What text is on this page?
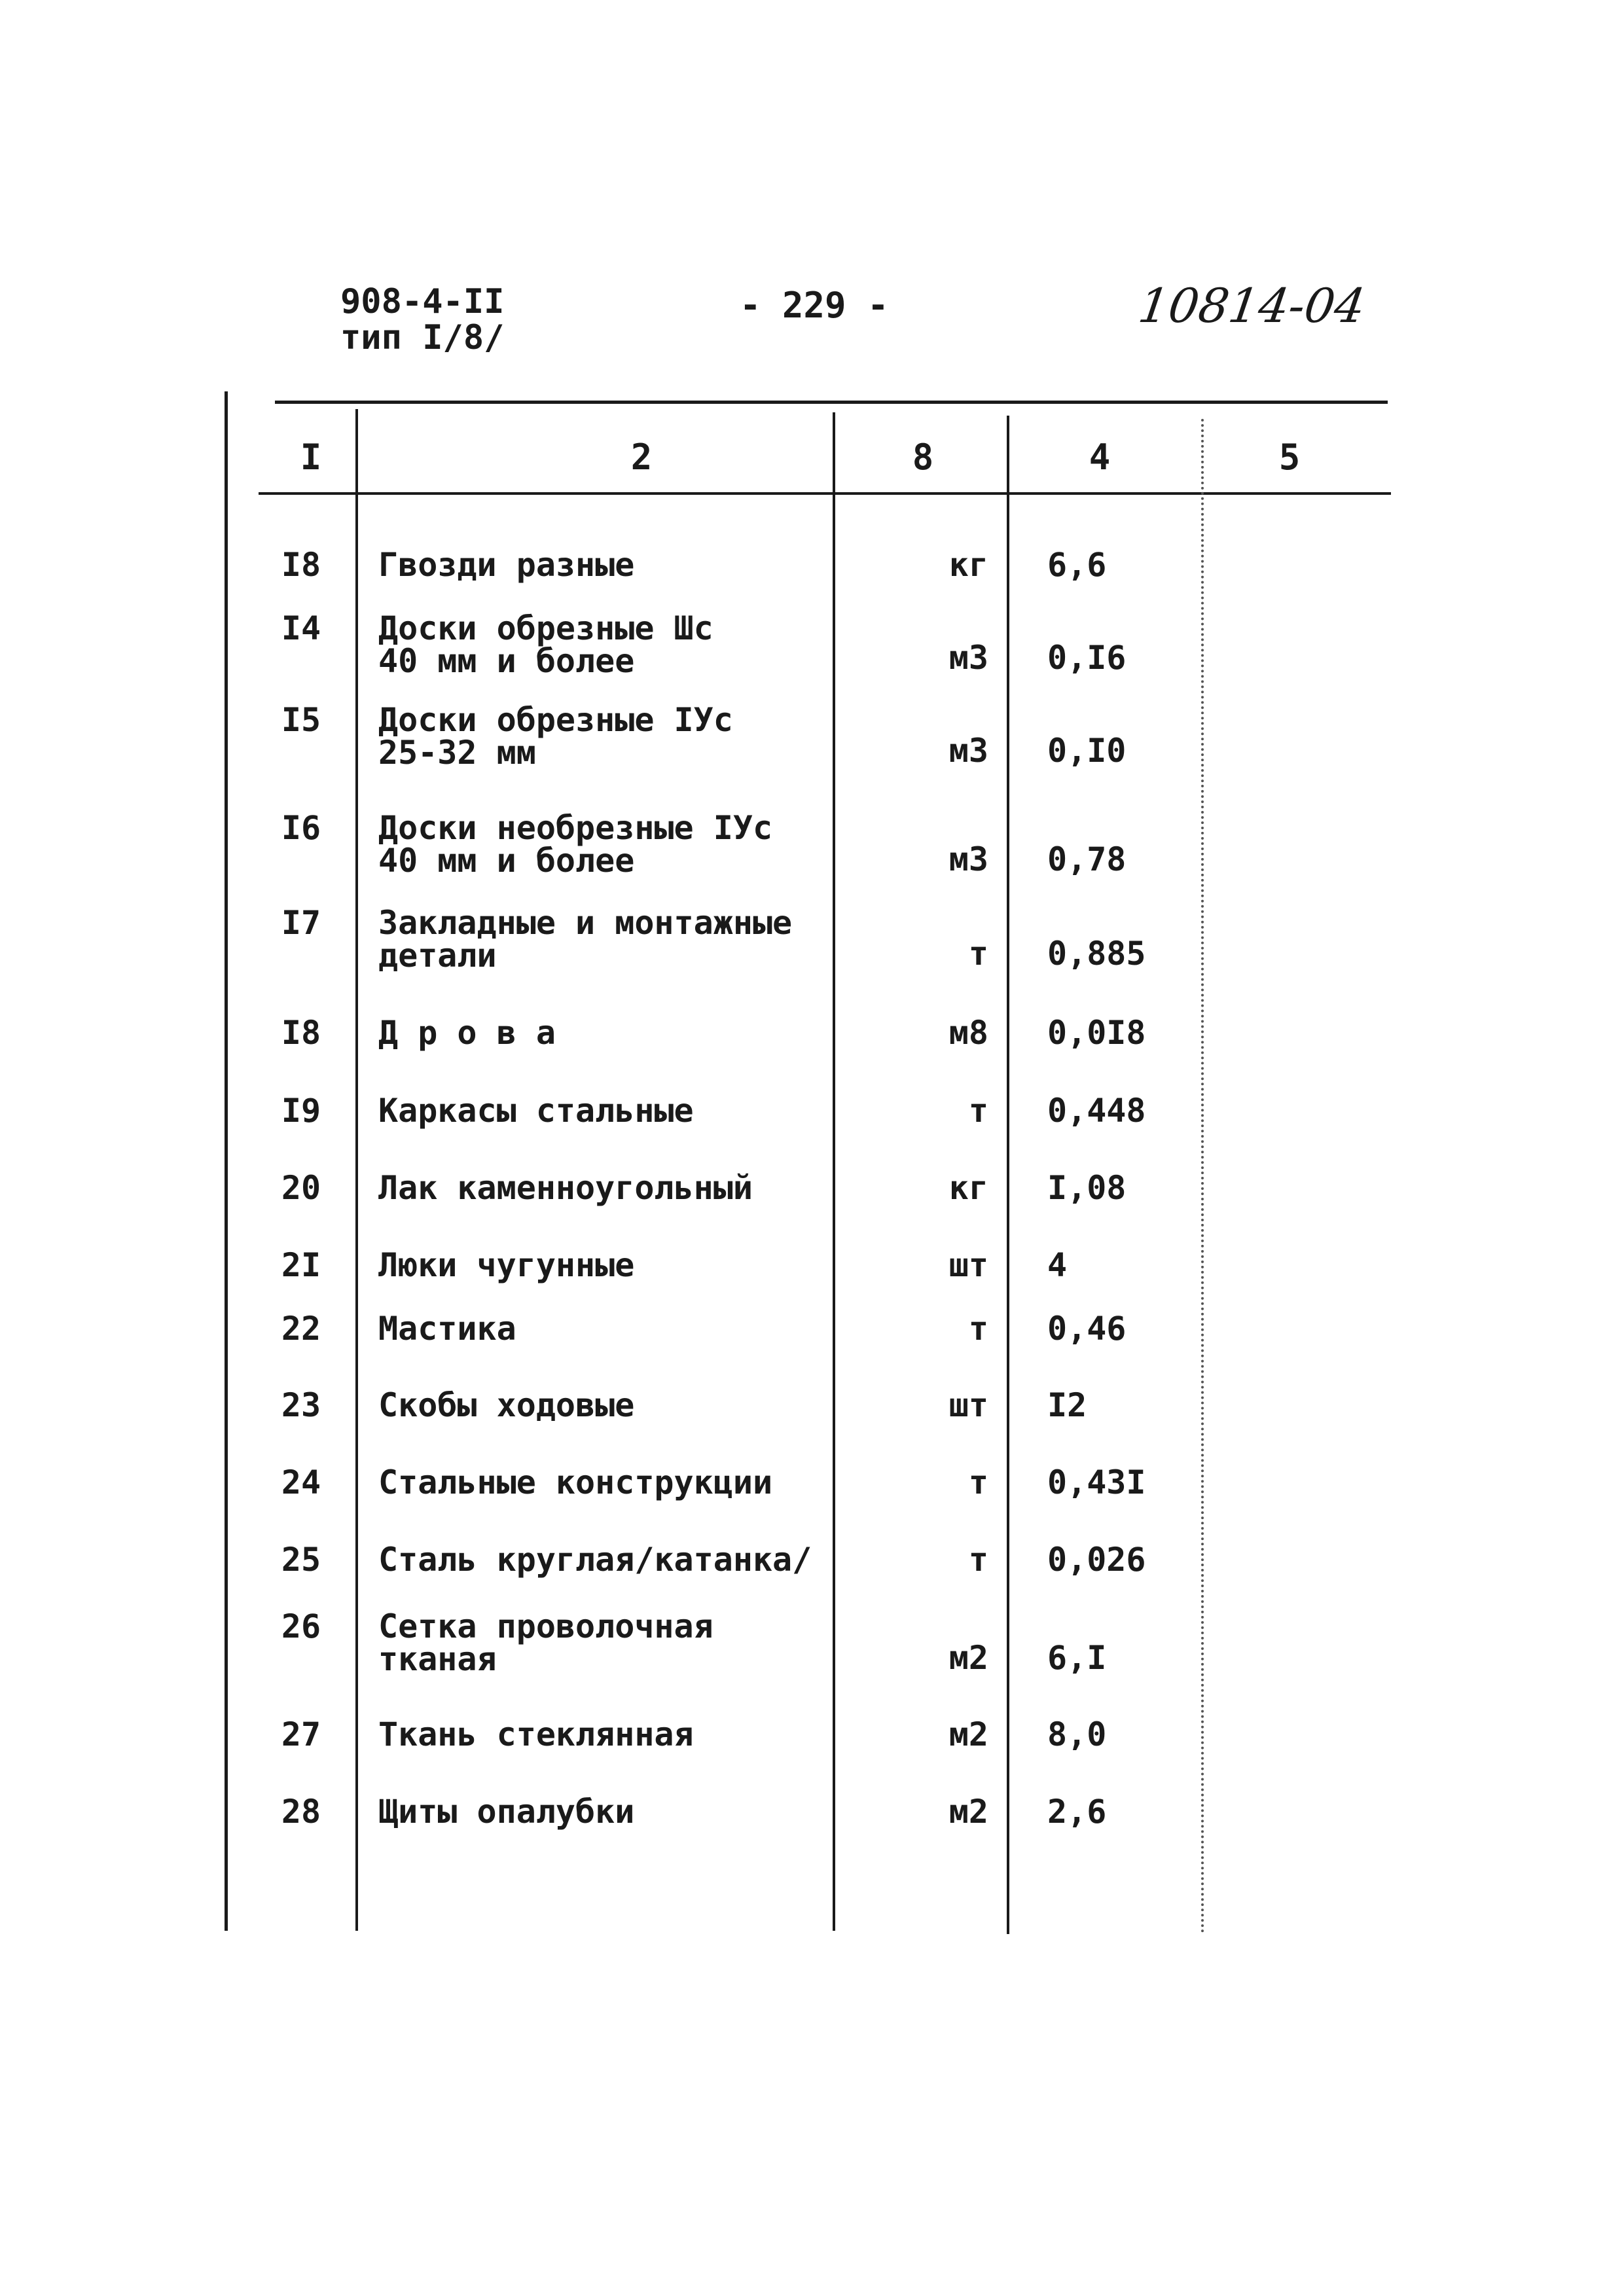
908-4-II
тип I/8/
- 229 -	10814-04
I	2	8	4	5
I8	Гвозди разные	кг 6,6
I4	Доски обрезные Шс
40 мм и более	м3 0,I6
I5	Доски обрезные IУс
25-32 мм	м3 0,I0
I6	Доски необрезные IУс
40 мм и более	м3 0,78
I7	Закладные и монтажные
детали	т 0,885
I8	Д р о в а	м8 0,0I8
I9	Каркасы стальные	т 0,448
20	Лак каменноугольный	кг I,08
2I	Люки чугунные	шт 4
22	Мастика	т 0,46
23	Скобы ходовые	шт I2
24	Стальные конструкции	т 0,43I
25	Сталь круглая/катанка/	т 0,026
26	Сетка проволочная
тканая	м2 6,I
27	Ткань стеклянная	м2 8,0
28	Щиты опалубки	м2 2,6
